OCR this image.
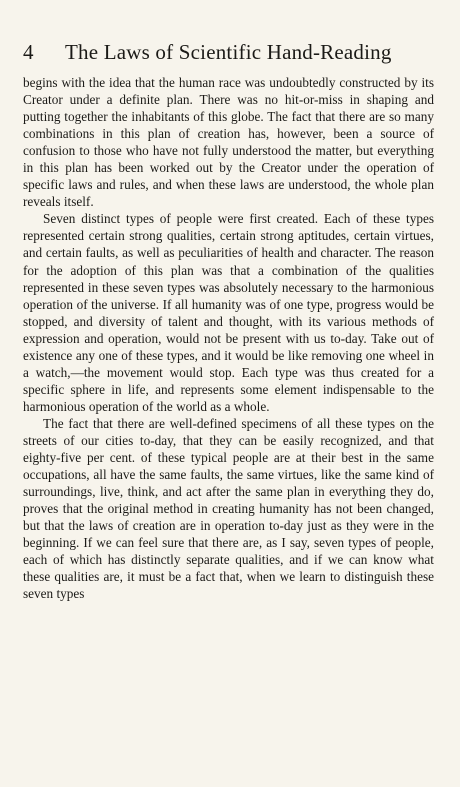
4	The Laws of Scientific Hand-Reading

begins with the idea that the human race was undoubtedly constructed by its Creator under a definite plan. There was no hit-or-miss in shaping and putting together the inhabitants of this globe. The fact that there are so many combinations in this plan of creation has, however, been a source of confusion to those who have not fully understood the matter, but everything in this plan has been worked out by the Creator under the operation of specific laws and rules, and when these laws are understood, the whole plan reveals itself.

Seven distinct types of people were first created. Each of these types represented certain strong qualities, certain strong aptitudes, certain virtues, and certain faults, as well as peculiarities of health and character. The reason for the adoption of this plan was that a combination of the qualities represented in these seven types was absolutely necessary to the harmonious operation of the universe. If all humanity was of one type, progress would be stopped, and diversity of talent and thought, with its various methods of expression and operation, would not be present with us to-day. Take out of existence any one of these types, and it would be like removing one wheel in a watch,—the movement would stop. Each type was thus created for a specific sphere in life, and represents some element indispensable to the harmonious operation of the world as a whole.

The fact that there are well-defined specimens of all these types on the streets of our cities to-day, that they can be easily recognized, and that eighty-five per cent. of these typical people are at their best in the same occupations, all have the same faults, the same virtues, like the same kind of surroundings, live, think, and act after the same plan in everything they do, proves that the original method in creating humanity has not been changed, but that the laws of creation are in operation to-day just as they were in the beginning. If we can feel sure that there are, as I say, seven types of people, each of which has distinctly separate qualities, and if we can know what these qualities are, it must be a fact that, when we learn to distinguish these seven types
